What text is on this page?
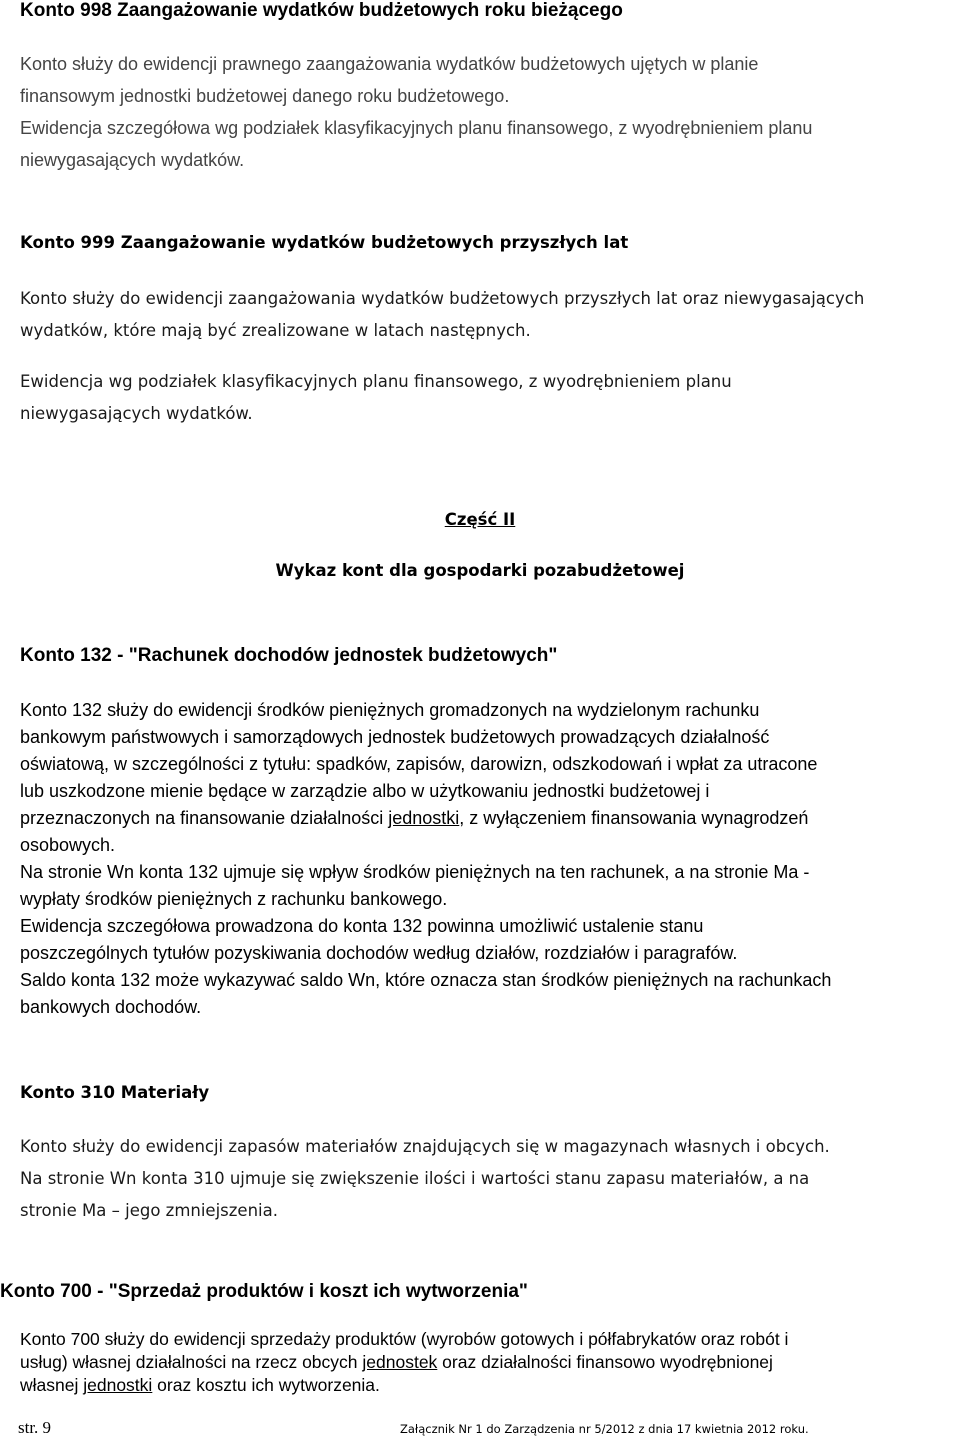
Konto 998 Zaangażowanie wydatków budżetowych roku bieżącego
Konto służy do ewidencji prawnego zaangażowania wydatków budżetowych ujętych w planie
finansowym jednostki budżetowej danego roku budżetowego.
Ewidencja szczegółowa wg podziałek klasyfikacyjnych planu finansowego, z wyodrębnieniem planu
niewygasających wydatków.
Konto 999 Zaangażowanie wydatków budżetowych przyszłych lat
Konto służy do ewidencji zaangażowania wydatków budżetowych przyszłych lat oraz niewygasających
wydatków, które mają być zrealizowane w latach następnych.
Ewidencja wg podziałek klasyfikacyjnych planu finansowego, z wyodrębnieniem planu
niewygasających wydatków.
Część II
Wykaz kont dla gospodarki pozabudżetowej
Konto 132 - "Rachunek dochodów jednostek budżetowych"
Konto 132 służy do ewidencji środków pieniężnych gromadzonych na wydzielonym rachunku
bankowym państwowych i samorządowych jednostek budżetowych prowadzących działalność
oświatową, w szczególności z tytułu: spadków, zapisów, darowizn, odszkodowań i wpłat za utracone
lub uszkodzone mienie będące w zarządzie albo w użytkowaniu jednostki budżetowej i
przeznaczonych na finansowanie działalności jednostki, z wyłączeniem finansowania wynagrodzeń
osobowych.
Na stronie Wn konta 132 ujmuje się wpływ środków pieniężnych na ten rachunek, a na stronie Ma -
wypłaty środków pieniężnych z rachunku bankowego.
Ewidencja szczegółowa prowadzona do konta 132 powinna umożliwić ustalenie stanu
poszczególnych tytułów pozyskiwania dochodów według działów, rozdziałów i paragrafów.
Saldo konta 132 może wykazywać saldo Wn, które oznacza stan środków pieniężnych na rachunkach
bankowych dochodów.
Konto 310 Materiały
Konto służy do ewidencji zapasów materiałów znajdujących się w magazynach własnych i obcych.
Na stronie Wn konta 310 ujmuje się zwiększenie ilości i wartości stanu zapasu materiałów, a na
stronie Ma – jego zmniejszenia.
Konto 700 - "Sprzedaż produktów i koszt ich wytworzenia"
Konto 700 służy do ewidencji sprzedaży produktów (wyrobów gotowych i półfabrykatów oraz robót i
usług) własnej działalności na rzecz obcych jednostek oraz działalności finansowo wyodrębnionej
własnej jednostki oraz kosztu ich wytworzenia.
str. 9	Załącznik Nr 1 do Zarządzenia nr 5/2012 z dnia 17 kwietnia 2012 roku.
